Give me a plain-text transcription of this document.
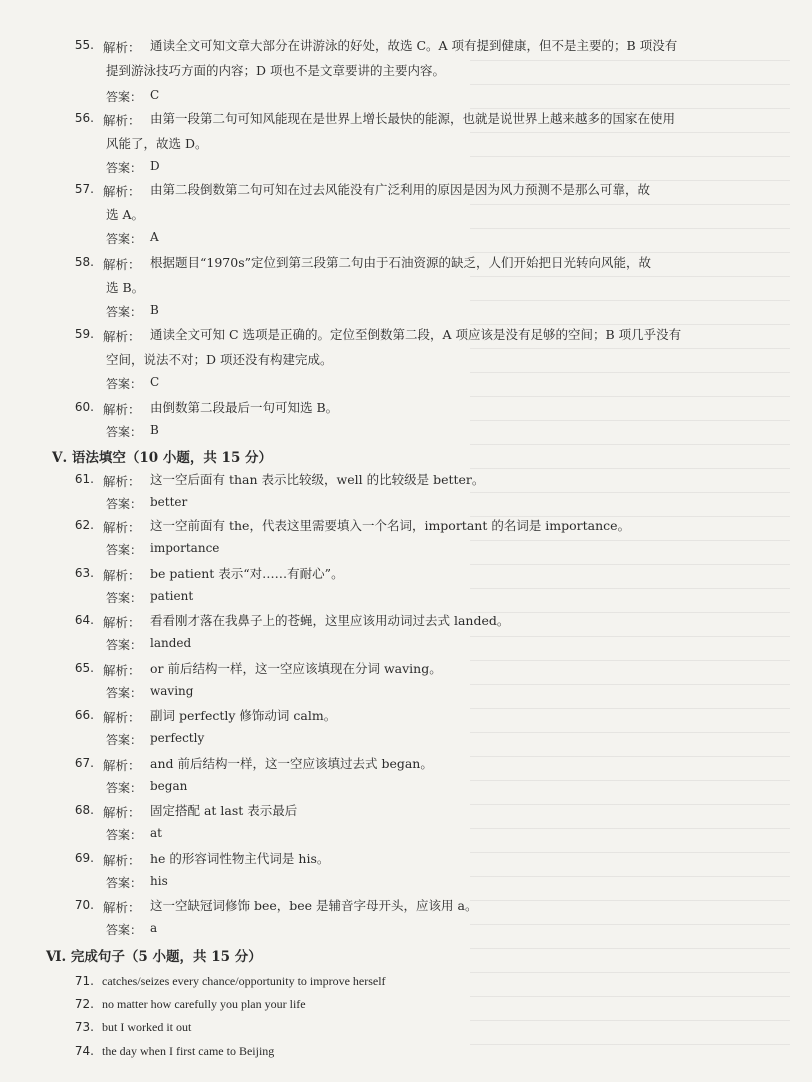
55. 解析： 通读全文可知文章大部分在讲游泳的好处，故选 C。A 项有提到健康，但不是主要的；B 项没有
提到游泳技巧方面的内容；D 项也不是文章要讲的主要内容。
答案： C
56. 解析： 由第一段第二句可知风能现在是世界上增长最快的能源，也就是说世界上越来越多的国家在使用
风能了，故选 D。
答案： D
57. 解析： 由第二段倒数第二句可知在过去风能没有广泛利用的原因是因为风力预测不是那么可靠，故
选 A。
答案： A
58. 解析： 根据题目“1970s”定位到第三段第二句由于石油资源的缺乏，人们开始把日光转向风能，故
选 B。
答案： B
59. 解析： 通读全文可知 C 选项是正确的。定位至倒数第二段，A 项应该是没有足够的空间；B 项几乎没有
空间，说法不对；D 项还没有构建完成。
答案： C
60. 解析： 由倒数第二段最后一句可知选 B。
答案： B
Ⅴ. 语法填空（10 小题，共 15 分）
61. 解析： 这一空后面有 than 表示比较级，well 的比较级是 better。
答案： better
62. 解析： 这一空前面有 the，代表这里需要填入一个名词，important 的名词是 importance。
答案： importance
63. 解析： be patient 表示“对……有耐心”。
答案： patient
64. 解析： 看看刚才落在我鼻子上的苍蝇，这里应该用动词过去式 landed。
答案： landed
65. 解析： or 前后结构一样，这一空应该填现在分词 waving。
答案： waving
66. 解析： 副词 perfectly 修饰动词 calm。
答案： perfectly
67. 解析： and 前后结构一样，这一空应该填过去式 began。
答案： began
68. 解析： 固定搭配 at last 表示最后
答案： at
69. 解析： he 的形容词性物主代词是 his。
答案： his
70. 解析： 这一空缺冠词修饰 bee，bee 是辅音字母开头，应该用 a。
答案： a
Ⅵ. 完成句子（5 小题，共 15 分）
71. catches/seizes every chance/opportunity to improve herself
72. no matter how carefully you plan your life
73. but I worked it out
74. the day when I first came to Beijing
